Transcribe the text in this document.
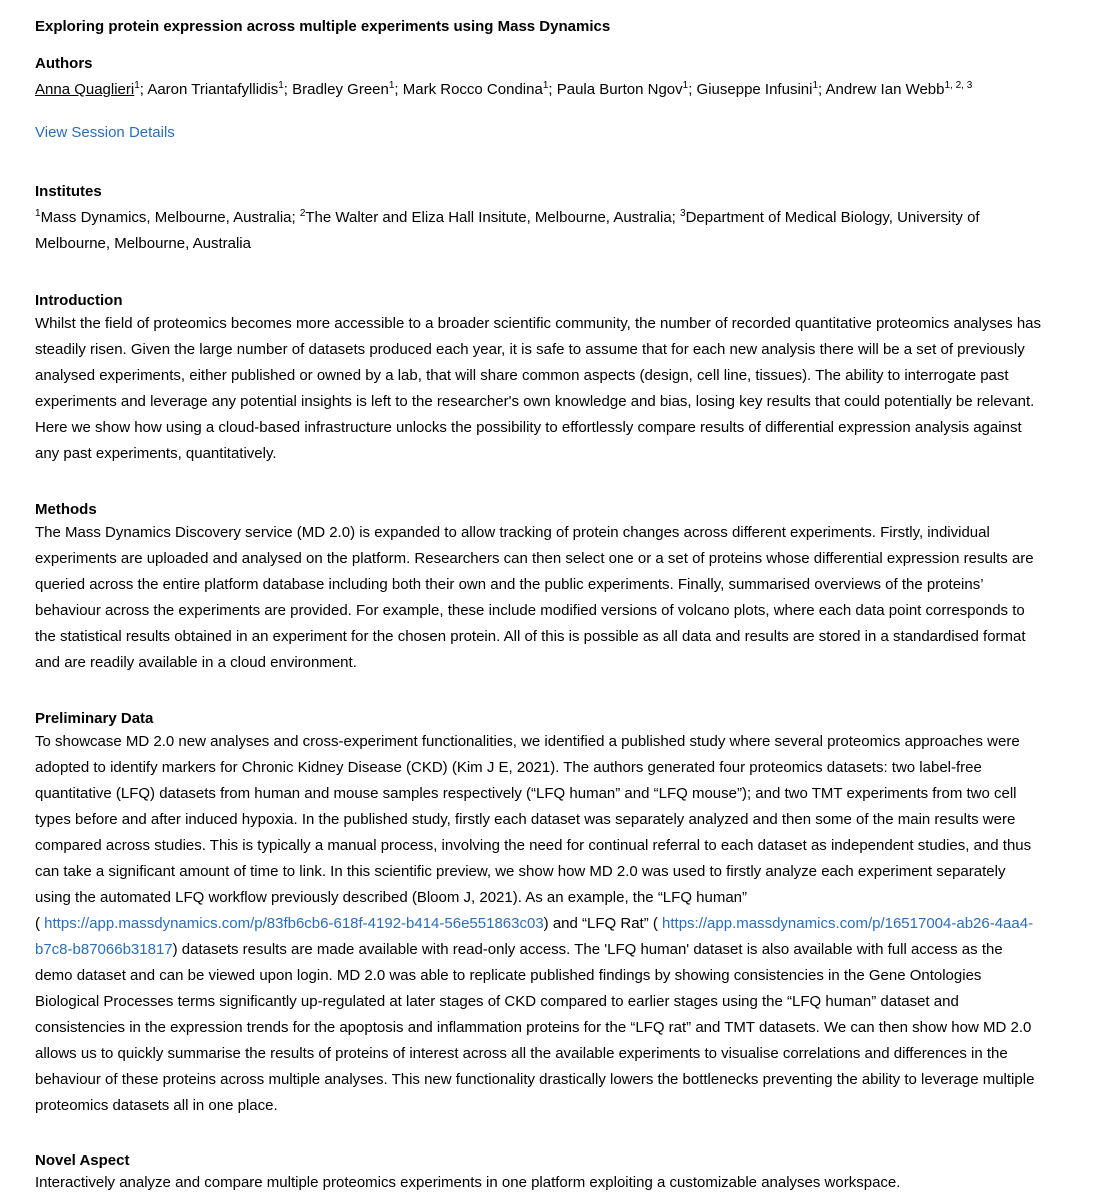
Exploring protein expression across multiple experiments using Mass Dynamics
Authors
Anna Quaglieri$^1$; Aaron Triantafyllidis$^1$; Bradley Green$^1$; Mark Rocco Condina$^1$; Paula Burton Ngov$^1$; Giuseppe Infusini$^1$; Andrew Ian Webb$^{1, 2, 3}$
View Session Details
Institutes
$^1$Mass Dynamics, Melbourne, Australia; $^2$The Walter and Eliza Hall Insitute, Melbourne, Australia; $^3$Department of Medical Biology, University of
Melbourne, Melbourne, Australia
Introduction

Whilst the field of proteomics becomes more accessible to a broader scientific community, the number of recorded quantitative proteomics analyses has

steadily risen. Given the large number of datasets produced each year, it is safe to assume that for each new analysis there will be a set of previously

analysed experiments, either published or owned by a lab, that will share common aspects (design, cell line, tissues). The ability to interrogate past

experiments and leverage any potential insights is left to the researcher's own knowledge and bias, losing key results that could potentially be relevant.

Here we show how using a cloud-based infrastructure unlocks the possibility to effortlessly compare results of differential expression analysis against

any past experiments, quantitatively.

Methods

The Mass Dynamics Discovery service (MD 2.0) is expanded to allow tracking of protein changes across different experiments. Firstly, individual

experiments are uploaded and analysed on the platform. Researchers can then select one or a set of proteins whose differential expression results are

queried across the entire platform database including both their own and the public experiments. Finally, summarised overviews of the proteins’

behaviour across the experiments are provided. For example, these include modified versions of volcano plots, where each data point corresponds to

the statistical results obtained in an experiment for the chosen protein. All of this is possible as all data and results are stored in a standardised format

and are readily available in a cloud environment.

Preliminary Data

To showcase MD 2.0 new analyses and cross-experiment functionalities, we identified a published study where several proteomics approaches were

adopted to identify markers for Chronic Kidney Disease (CKD) (Kim J E, 2021). The authors generated four proteomics datasets: two label-free

quantitative (LFQ) datasets from human and mouse samples respectively (“LFQ human” and “LFQ mouse”); and two TMT experiments from two cell

types before and after induced hypoxia. In the published study, firstly each dataset was separately analyzed and then some of the main results were

compared across studies. This is typically a manual process, involving the need for continual referral to each dataset as independent studies, and thus

can take a significant amount of time to link. In this scientific preview, we show how MD 2.0 was used to firstly analyze each experiment separately

using the automated LFQ workflow previously described (Bloom J, 2021). As an example, the “LFQ human”

( https://app.massdynamics.com/p/83fb6cb6-618f-4192-b414-56e551863c03) and “LFQ Rat” ( https://app.massdynamics.com/p/16517004-ab26-4aa4-

b7c8-b87066b31817) datasets results are made available with read-only access. The 'LFQ human' dataset is also available with full access as the

demo dataset and can be viewed upon login. MD 2.0 was able to replicate published findings by showing consistencies in the Gene Ontologies

Biological Processes terms significantly up-regulated at later stages of CKD compared to earlier stages using the “LFQ human” dataset and

consistencies in the expression trends for the apoptosis and inflammation proteins for the “LFQ rat” and TMT datasets. We can then show how MD 2.0

allows us to quickly summarise the results of proteins of interest across all the available experiments to visualise correlations and differences in the

behaviour of these proteins across multiple analyses. This new functionality drastically lowers the bottlenecks preventing the ability to leverage multiple

proteomics datasets all in one place.

Novel Aspect
Interactively analyze and compare multiple proteomics experiments in one platform exploiting a customizable analyses workspace.
